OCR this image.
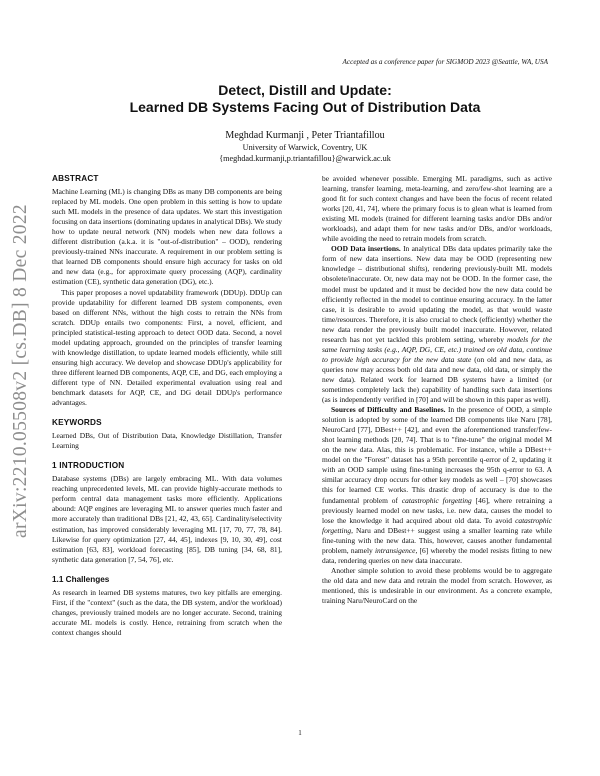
Accepted as a conference paper for SIGMOD 2023 @Seattle, WA, USA
arXiv:2210.05508v2 [cs.DB] 8 Dec 2022
Detect, Distill and Update:
Learned DB Systems Facing Out of Distribution Data
Meghdad Kurmanji , Peter Triantafillou
University of Warwick, Coventry, UK
{meghdad.kurmanji,p.triantafillou}@warwick.ac.uk
ABSTRACT

Machine Learning (ML) is changing DBs as many DB components are being replaced by ML models. One open problem in this setting is how to update such ML models in the presence of data updates. We start this investigation focusing on data insertions (dominating updates in analytical DBs). We study how to update neural network (NN) models when new data follows a different distribution (a.k.a. it is "out-of-distribution" – OOD), rendering previously-trained NNs inaccurate. A requirement in our problem setting is that learned DB components should ensure high accuracy for tasks on old and new data (e.g., for approximate query processing (AQP), cardinality estimation (CE), synthetic data generation (DG), etc.).

This paper proposes a novel updatability framework (DDUp). DDUp can provide updatability for different learned DB system components, even based on different NNs, without the high costs to retrain the NNs from scratch. DDUp entails two components: First, a novel, efficient, and principled statistical-testing approach to detect OOD data. Second, a novel model updating approach, grounded on the principles of transfer learning with knowledge distillation, to update learned models efficiently, while still ensuring high accuracy. We develop and showcase DDUp's applicability for three different learned DB components, AQP, CE, and DG, each employing a different type of NN. Detailed experimental evaluation using real and benchmark datasets for AQP, CE, and DG detail DDUp's performance advantages.

KEYWORDS

Learned DBs, Out of Distribution Data, Knowledge Distillation, Transfer Learning

1 INTRODUCTION

Database systems (DBs) are largely embracing ML. With data volumes reaching unprecedented levels, ML can provide highly-accurate methods to perform central data management tasks more efficiently. Applications abound: AQP engines are leveraging ML to answer queries much faster and more accurately than traditional DBs [21, 42, 43, 65]. Cardinality/selectivity estimation, has improved considerably leveraging ML [17, 70, 77, 78, 84]. Likewise for query optimization [27, 44, 45], indexes [9, 10, 30, 49], cost estimation [63, 83], workload forecasting [85], DB tuning [34, 68, 81], synthetic data generation [7, 54, 76], etc.

1.1 Challenges

As research in learned DB systems matures, two key pitfalls are emerging. First, if the "context" (such as the data, the DB system, and/or the workload) changes, previously trained models are no longer accurate. Second, training accurate ML models is costly. Hence, retraining from scratch when the context changes should

be avoided whenever possible. Emerging ML paradigms, such as active learning, transfer learning, meta-learning, and zero/few-shot learning are a good fit for such context changes and have been the focus of recent related works [20, 41, 74], where the primary focus is to glean what is learned from existing ML models (trained for different learning tasks and/or DBs and/or workloads), and adapt them for new tasks and/or DBs, and/or workloads, while avoiding the need to retrain models from scratch.

OOD Data insertions. In analytical DBs data updates primarily take the form of new data insertions. New data may be OOD (representing new knowledge – distributional shifts), rendering previously-built ML models obsolete/inaccurate. Or, new data may not be OOD. In the former case, the model must be updated and it must be decided how the new data could be efficiently reflected in the model to continue ensuring accuracy. In the latter case, it is desirable to avoid updating the model, as that would waste time/resources. Therefore, it is also crucial to check (efficiently) whether the new data render the previously built model inaccurate. However, related research has not yet tackled this problem setting, whereby models for the same learning tasks (e.g., AQP, DG, CE, etc.) trained on old data, continue to provide high accuracy for the new data state (on old and new data, as queries now may access both old data and new data, old data, or simply the new data). Related work for learned DB systems have a limited (or sometimes completely lack the) capability of handling such data insertions (as is independently verified in [70] and will be shown in this paper as well).

Sources of Difficulty and Baselines. In the presence of OOD, a simple solution is adopted by some of the learned DB components like Naru [78], NeuroCard [77], DBest++ [42], and even the aforementioned transfer/few-shot learning methods [20, 74]. That is to "fine-tune" the original model M on the new data. Alas, this is problematic. For instance, while a DBest++ model on the "Forest" dataset has a 95th percentile q-error of 2, updating it with an OOD sample using fine-tuning increases the 95th q-error to 63. A similar accuracy drop occurs for other key models as well – [70] showcases this for learned CE works. This drastic drop of accuracy is due to the fundamental problem of catastrophic forgetting [46], where retraining a previously learned model on new tasks, i.e. new data, causes the model to lose the knowledge it had acquired about old data. To avoid catastrophic forgetting, Naru and DBest++ suggest using a smaller learning rate while fine-tuning with the new data. This, however, causes another fundamental problem, namely intransigence, [6] whereby the model resists fitting to new data, rendering queries on new data inaccurate.

Another simple solution to avoid these problems would be to aggregate the old data and new data and retrain the model from scratch. However, as mentioned, this is undesirable in our environment. As a concrete example, training Naru/NeuroCard on the

1
